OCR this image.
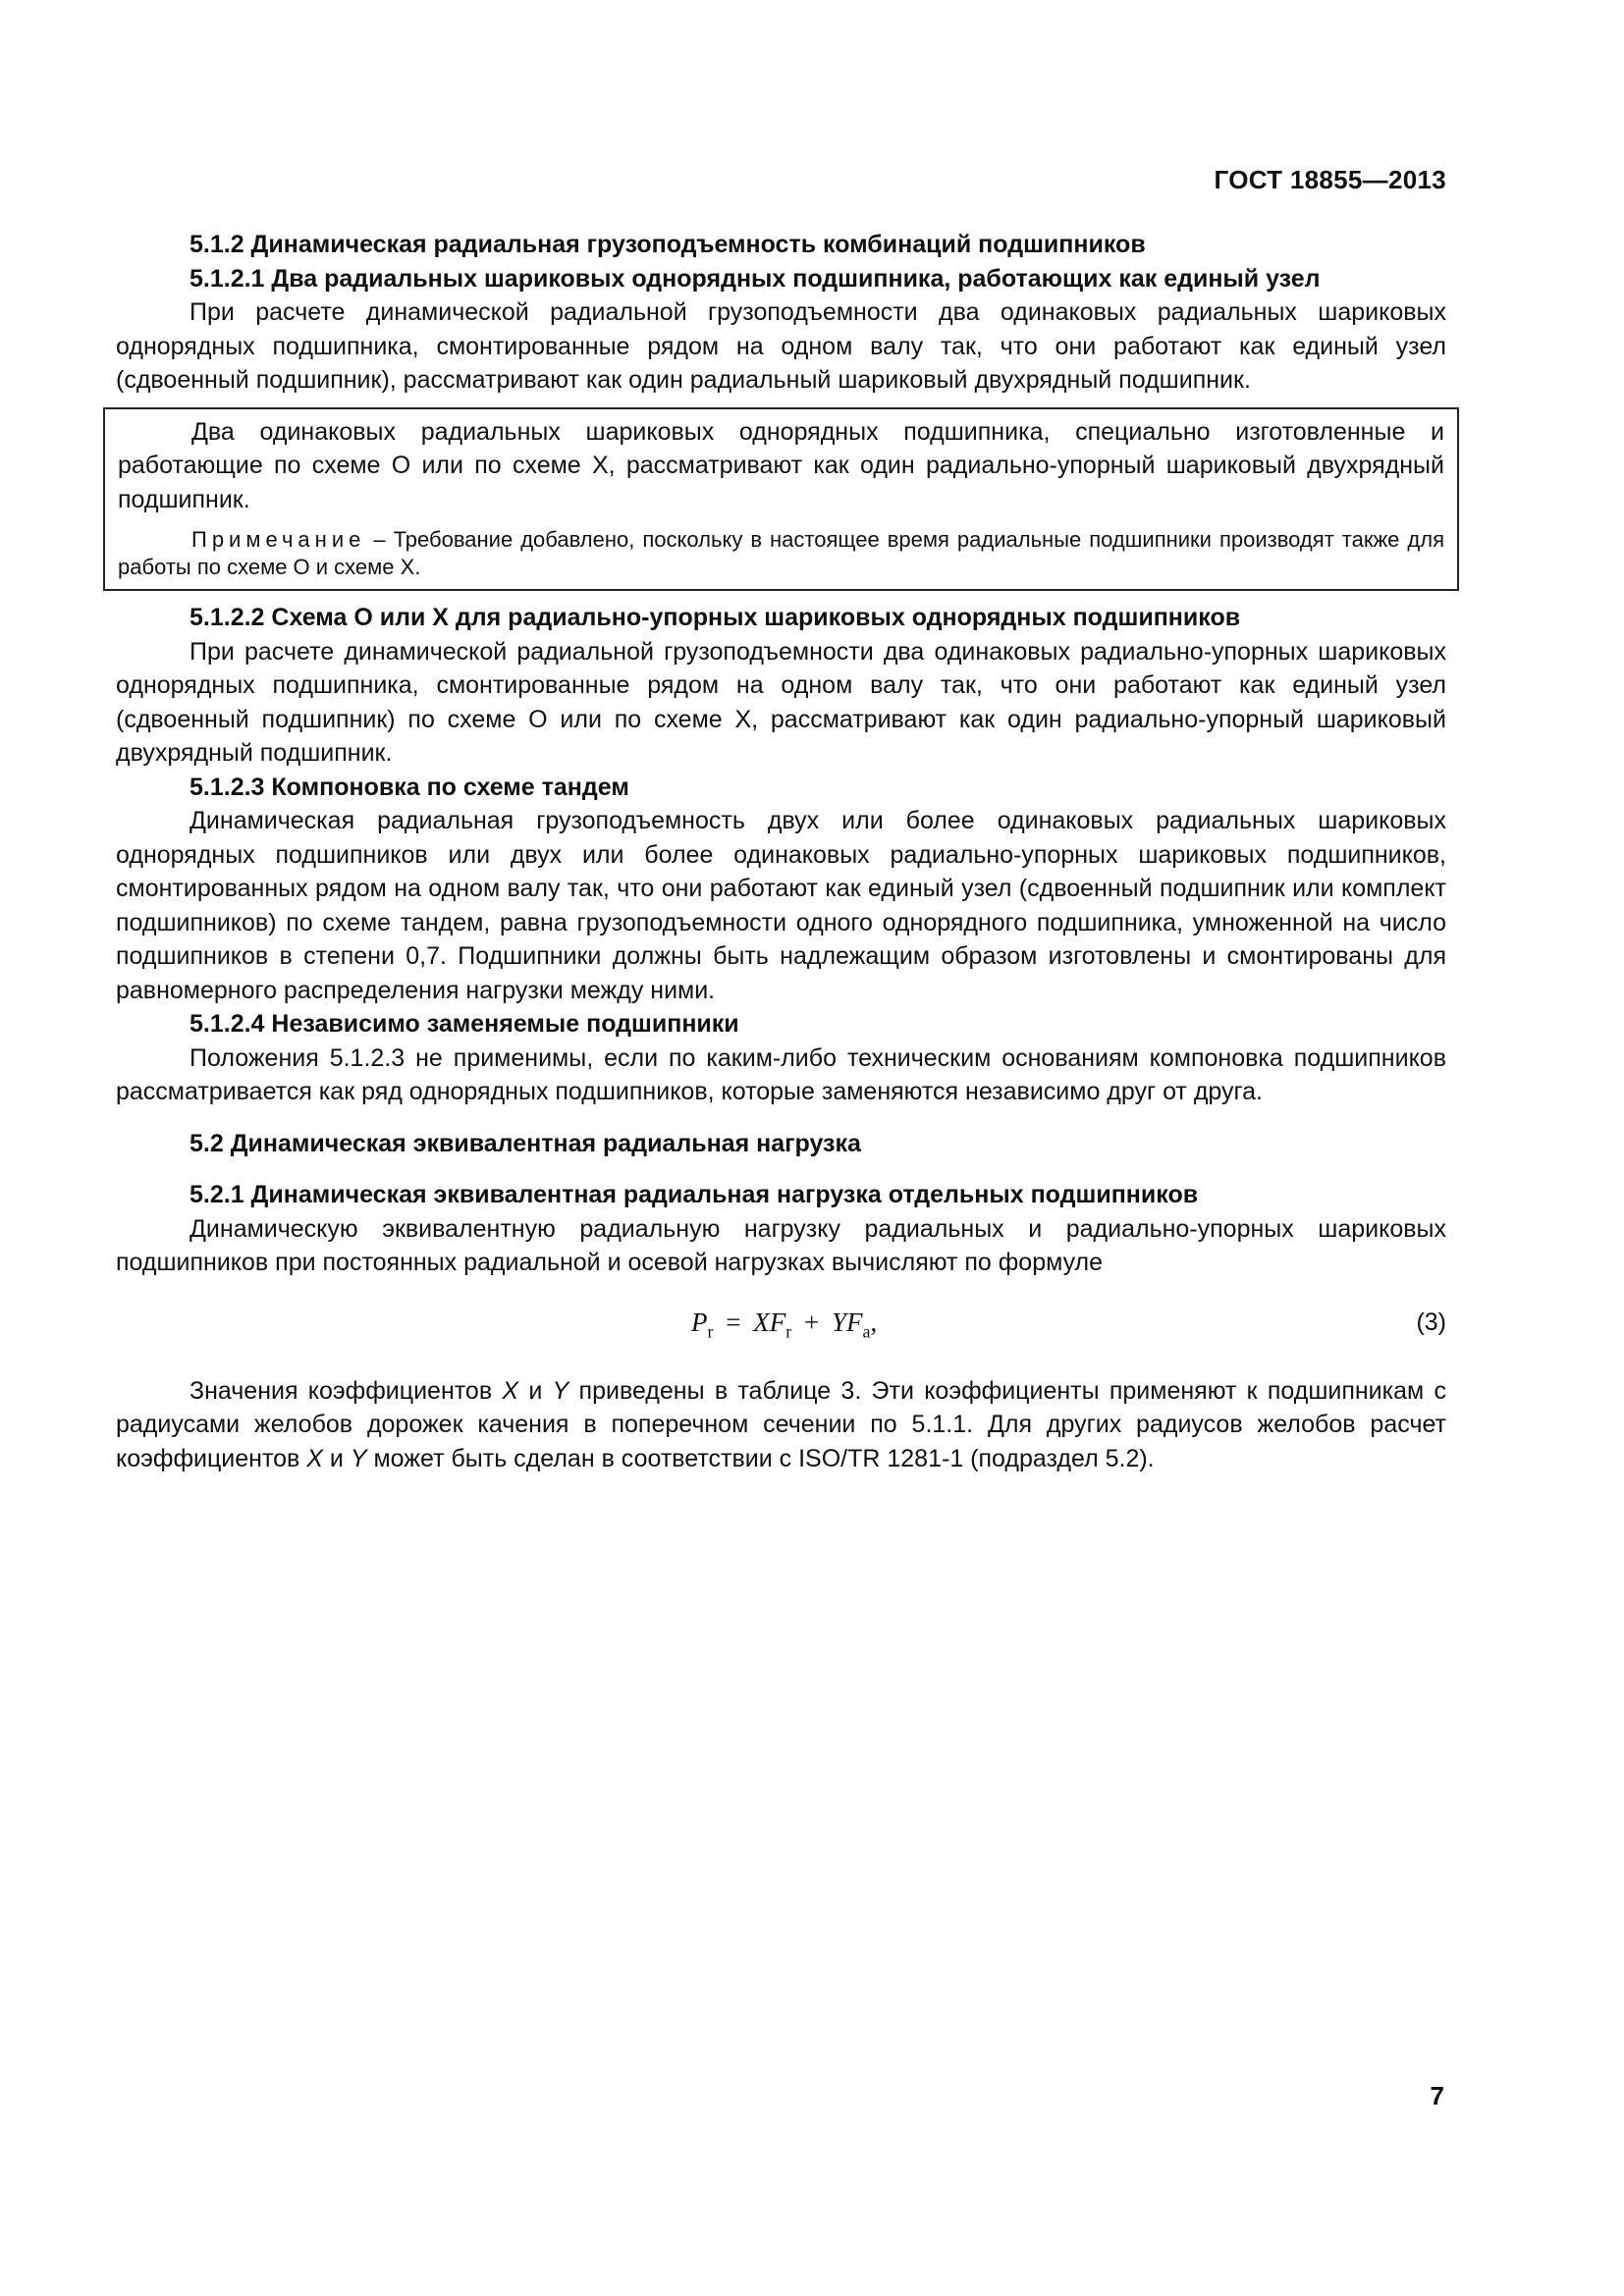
ГОСТ 18855—2013

5.1.2 Динамическая радиальная грузоподъемность комбинаций подшипников

5.1.2.1 Два радиальных шариковых однорядных подшипника, работающих как единый узел

При расчете динамической радиальной грузоподъемности два одинаковых радиальных шариковых однорядных подшипника, смонтированные рядом на одном валу так, что они работают как единый узел (сдвоенный подшипник), рассматривают как один радиальный шариковый двухрядный подшипник.

Два одинаковых радиальных шариковых однорядных подшипника, специально изготовленные и работающие по схеме О или по схеме Х, рассматривают как один радиально-упорный шариковый двухрядный подшипник.

Примечание – Требование добавлено, поскольку в настоящее время радиальные подшипники производят также для работы по схеме О и схеме Х.

5.1.2.2 Схема О или Х для радиально-упорных шариковых однорядных подшипников

При расчете динамической радиальной грузоподъемности два одинаковых радиально-упорных шариковых однорядных подшипника, смонтированные рядом на одном валу так, что они работают как единый узел (сдвоенный подшипник) по схеме О или по схеме Х, рассматривают как один радиально-упорный шариковый двухрядный подшипник.

5.1.2.3 Компоновка по схеме тандем

Динамическая радиальная грузоподъемность двух или более одинаковых радиальных шариковых однорядных подшипников или двух или более одинаковых радиально-упорных шариковых подшипников, смонтированных рядом на одном валу так, что они работают как единый узел (сдвоенный подшипник или комплект подшипников) по схеме тандем, равна грузоподъемности одного однорядного подшипника, умноженной на число подшипников в степени 0,7. Подшипники должны быть надлежащим образом изготовлены и смонтированы для равномерного распределения нагрузки между ними.

5.1.2.4 Независимо заменяемые подшипники

Положения 5.1.2.3 не применимы, если по каким-либо техническим основаниям компоновка подшипников рассматривается как ряд однорядных подшипников, которые заменяются независимо друг от друга.

5.2 Динамическая эквивалентная радиальная нагрузка

5.2.1 Динамическая эквивалентная радиальная нагрузка отдельных подшипников

Динамическую эквивалентную радиальную нагрузку радиальных и радиально-упорных шариковых подшипников при постоянных радиальной и осевой нагрузках вычисляют по формуле

$P_r = XF_r + YF_a$,	(3)

Значения коэффициентов X и Y приведены в таблице 3. Эти коэффициенты применяют к подшипникам с радиусами желобов дорожек качения в поперечном сечении по 5.1.1. Для других радиусов желобов расчет коэффициентов X и Y может быть сделан в соответствии с ISO/TR 1281-1 (подраздел 5.2).

7
